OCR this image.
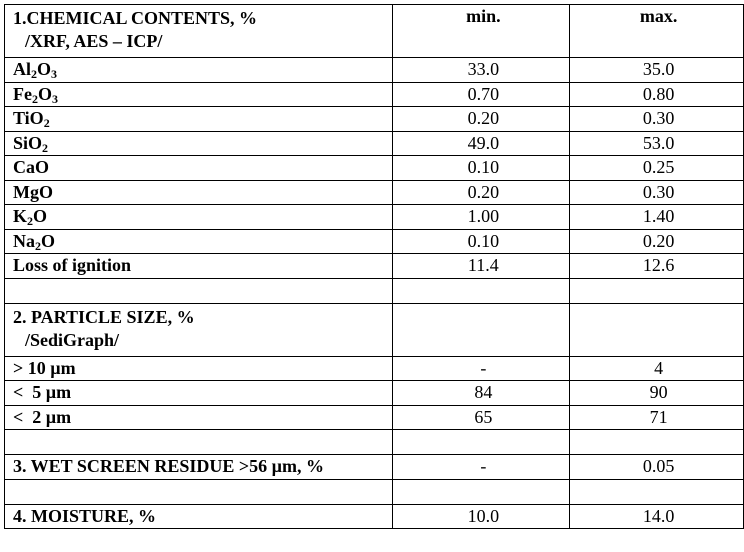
1.CHEMICAL CONTENTS, %
/XRF, AES – ICP/	min.	max.
$Al_2O_3$	33.0	35.0
$Fe_2O_3$	0.70	0.80
TiO$_2$	0.20	0.30
SiO$_2$	49.0	53.0
CaO	0.10	0.25
MgO	0.20	0.30
$K_2O$	1.00	1.40
$Na_2O$	0.10	0.20
Loss of ignition	11.4	12.6

2. PARTICLE SIZE, %
/SediGraph/		

> 10 µm	-	4
<  5 µm	84	90
<  2 µm	65	71

3. WET SCREEN RESIDUE >56 µm, %	-	0.05

4. MOISTURE, %	10.0	14.0
